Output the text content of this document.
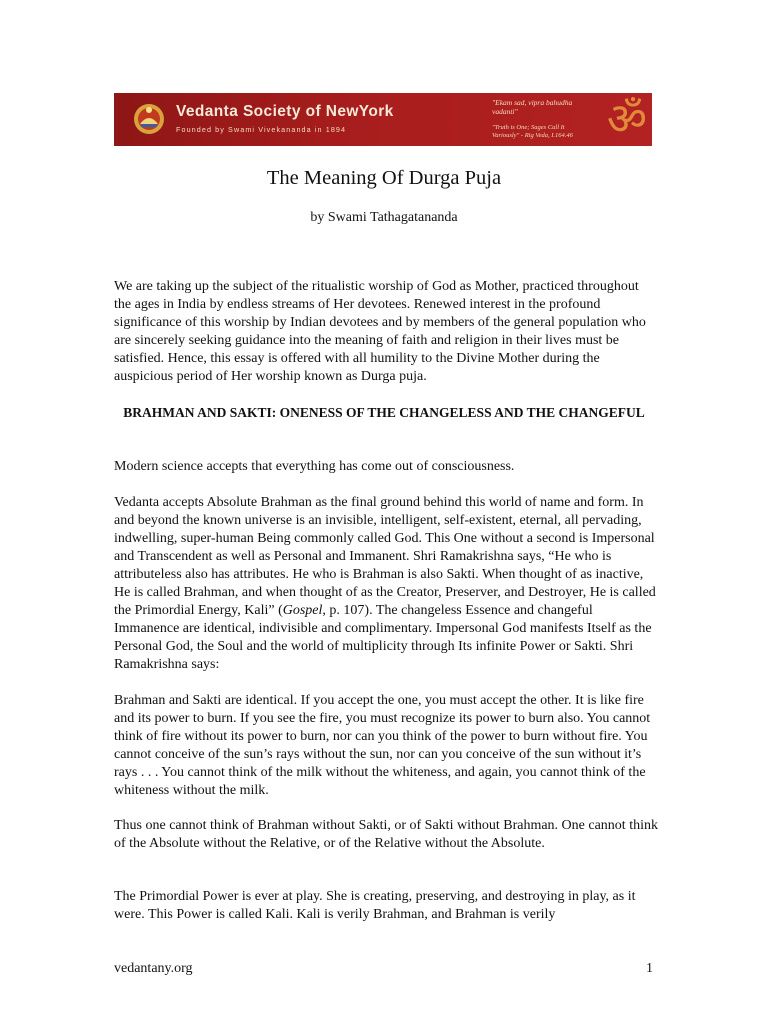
Vedanta Society of NewYork
Founded by Swami Vivekananda in 1894
"Ekam sad, vipra bahudha vadanti"
"Truth is One; Sages Call It Variously" - Rig Veda, I.164.46 ॐ
The Meaning Of Durga Puja
by Swami Tathagatananda

We are taking up the subject of the ritualistic worship of God as Mother, practiced throughout the ages in India by endless streams of Her devotees. Renewed interest in the profound significance of this worship by Indian devotees and by members of the general population who are sincerely seeking guidance into the meaning of faith and religion in their lives must be satisfied. Hence, this essay is offered with all humility to the Divine Mother during the auspicious period of Her worship known as Durga puja.

BRAHMAN AND SAKTI: ONENESS OF THE CHANGELESS AND THE CHANGEFUL

Modern science accepts that everything has come out of consciousness.

Vedanta accepts Absolute Brahman as the final ground behind this world of name and form. In and beyond the known universe is an invisible, intelligent, self-existent, eternal, all pervading, indwelling, super-human Being commonly called God. This One without a second is Impersonal and Transcendent as well as Personal and Immanent. Shri Ramakrishna says, “He who is attributeless also has attributes. He who is Brahman is also Sakti. When thought of as inactive, He is called Brahman, and when thought of as the Creator, Preserver, and Destroyer, He is called the Primordial Energy, Kali” (Gospel, p. 107). The changeless Essence and changeful Immanence are identical, indivisible and complimentary. Impersonal God manifests Itself as the Personal God, the Soul and the world of multiplicity through Its infinite Power or Sakti. Shri Ramakrishna says:

Brahman and Sakti are identical. If you accept the one, you must accept the other. It is like fire and its power to burn. If you see the fire, you must recognize its power to burn also. You cannot think of fire without its power to burn, nor can you think of the power to burn without fire. You cannot conceive of the sun’s rays without the sun, nor can you conceive of the sun without it’s rays . . . You cannot think of the milk without the whiteness, and again, you cannot think of the whiteness without the milk.

Thus one cannot think of Brahman without Sakti, or of Sakti without Brahman. One cannot think of the Absolute without the Relative, or of the Relative without the Absolute.

The Primordial Power is ever at play. She is creating, preserving, and destroying in play, as it were. This Power is called Kali. Kali is verily Brahman, and Brahman is verily

vedantany.org	1
